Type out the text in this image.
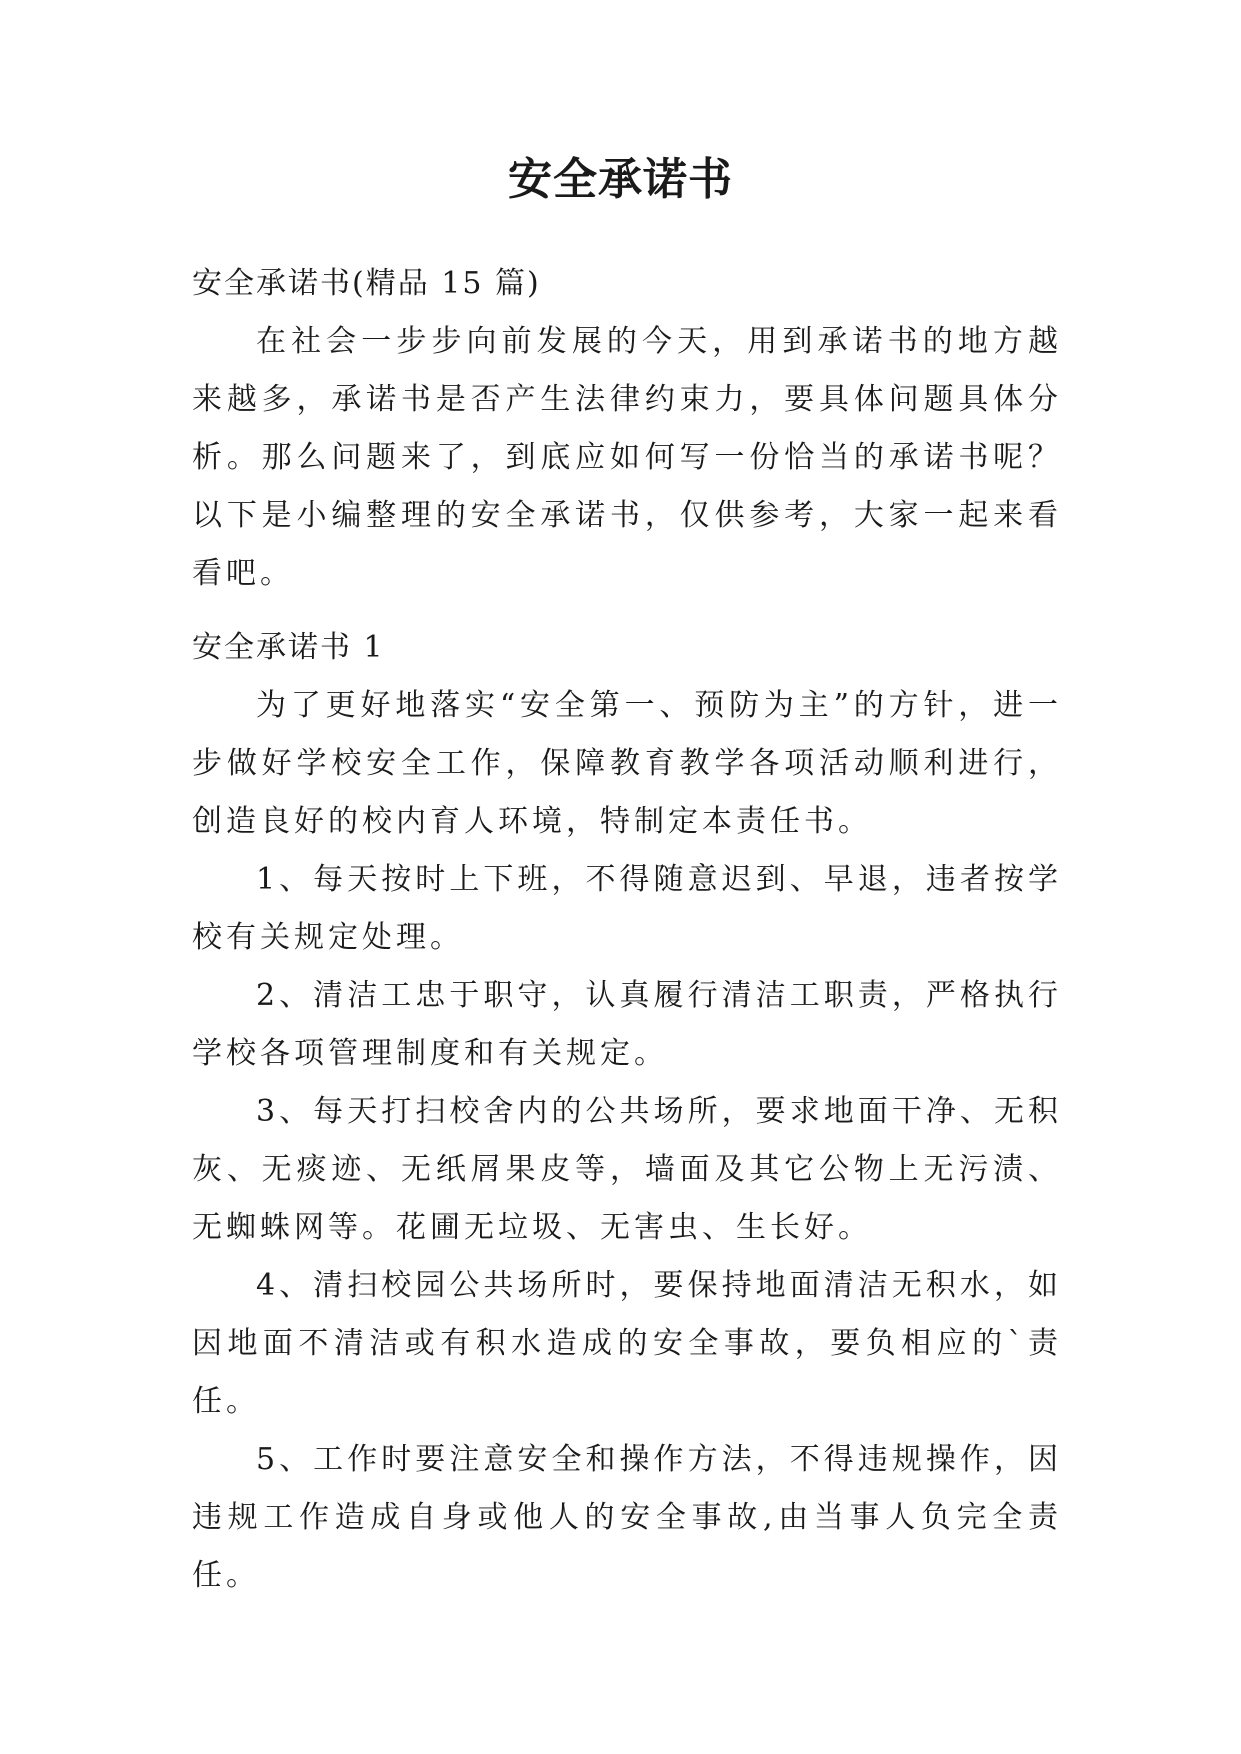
安全承诺书

安全承诺书(精品 15 篇)

在社会一步步向前发展的今天，用到承诺书的地方越来越多，承诺书是否产生法律约束力，要具体问题具体分析。那么问题来了，到底应如何写一份恰当的承诺书呢？以下是小编整理的安全承诺书，仅供参考，大家一起来看看吧。

安全承诺书 1

为了更好地落实“安全第一、预防为主”的方针，进一步做好学校安全工作，保障教育教学各项活动顺利进行，创造良好的校内育人环境，特制定本责任书。

1、每天按时上下班，不得随意迟到、早退，违者按学校有关规定处理。

2、清洁工忠于职守，认真履行清洁工职责，严格执行学校各项管理制度和有关规定。

3、每天打扫校舍内的公共场所，要求地面干净、无积灰、无痰迹、无纸屑果皮等，墙面及其它公物上无污渍、无蜘蛛网等。花圃无垃圾、无害虫、生长好。

4、清扫校园公共场所时，要保持地面清洁无积水，如因地面不清洁或有积水造成的安全事故，要负相应的`责任。

5、工作时要注意安全和操作方法，不得违规操作，因违规工作造成自身或他人的安全事故,由当事人负完全责任。
